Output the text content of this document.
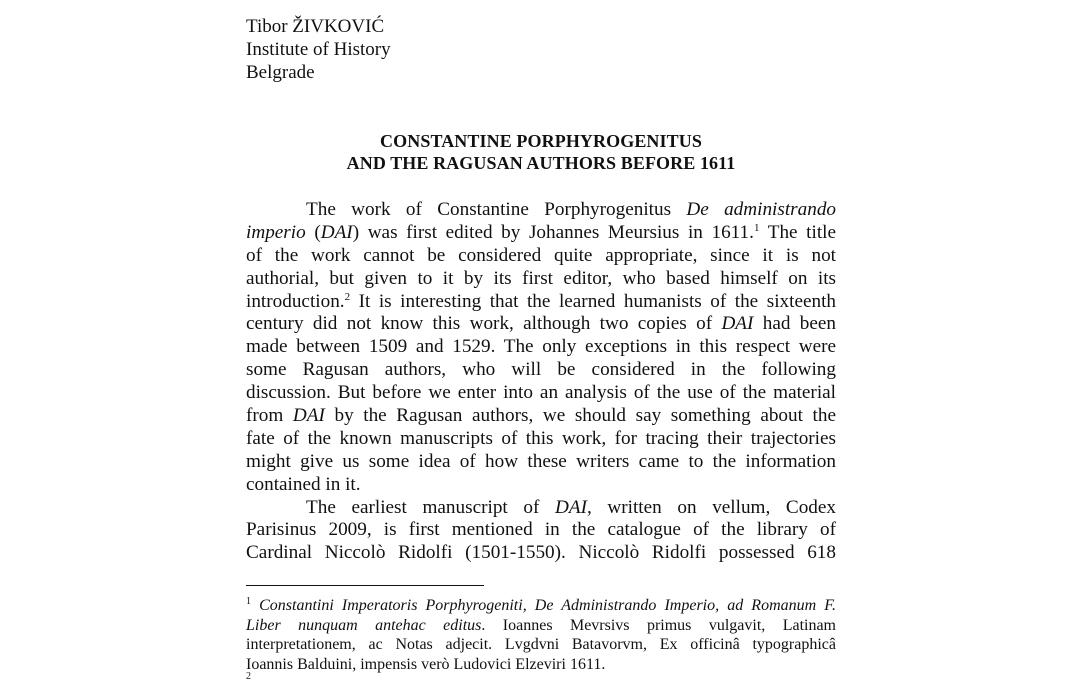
Tibor ŽIVKOVIĆ
Institute of History
Belgrade
CONSTANTINE PORPHYROGENITUS
AND THE RAGUSAN AUTHORS BEFORE 1611
The work of Constantine Porphyrogenitus De administrando
imperio (DAI) was first edited by Johannes Meursius in 1611.$^1$ The title
of the work cannot be considered quite appropriate, since it is not
authorial, but given to it by its first editor, who based himself on its
introduction.$^2$ It is interesting that the learned humanists of the sixteenth
century did not know this work, although two copies of DAI had been
made between 1509 and 1529. The only exceptions in this respect were
some Ragusan authors, who will be considered in the following
discussion. But before we enter into an analysis of the use of the material
from DAI by the Ragusan authors, we should say something about the
fate of the known manuscripts of this work, for tracing their trajectories
might give us some idea of how these writers came to the information
contained in it.
The earliest manuscript of DAI, written on vellum, Codex
Parisinus 2009, is first mentioned in the catalogue of the library of
Cardinal Niccolò Ridolfi (1501-1550). Niccolò Ridolfi possessed 618
$^1$ Constantini Imperatoris Porphyrogeniti, De Administrando Imperio, ad Romanum F.
Liber nunquam antehac editus. Ioannes Mevrsivs primus vulgavit, Latinam
interpretationem, ac Notas adjecit. Lvgdvni Batavorvm, Ex officinâ typographicâ
Ioannis Balduini, impensis verò Ludovici Elzeviri 1611.
2
